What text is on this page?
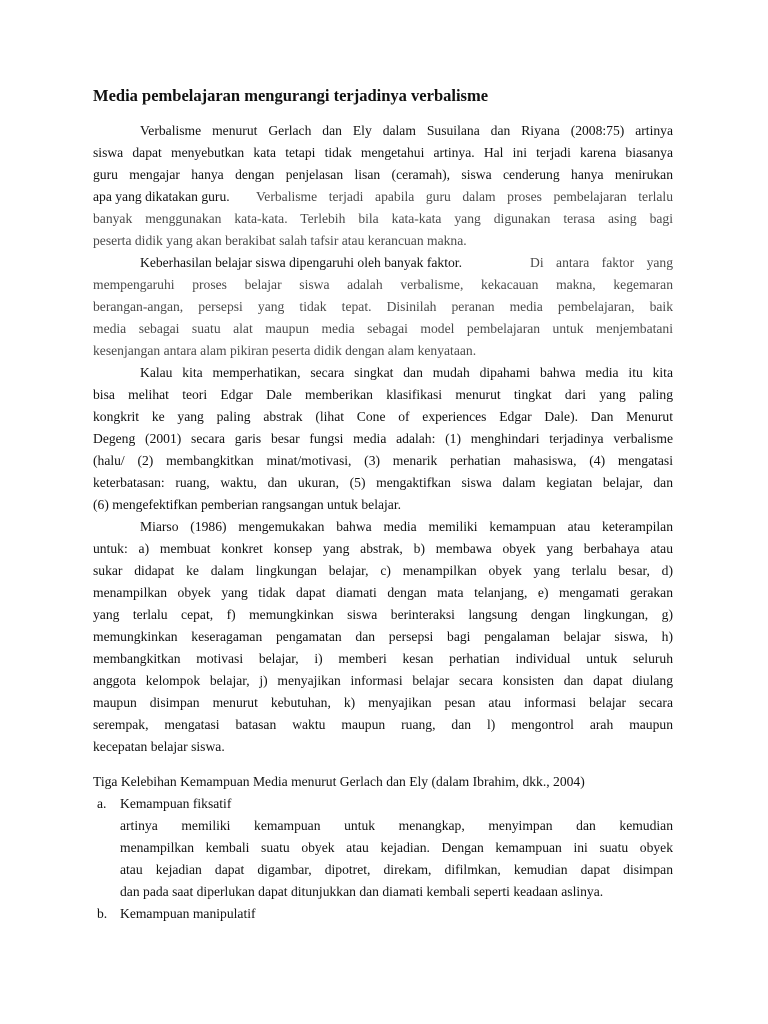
Media pembelajaran mengurangi terjadinya verbalisme
Verbalisme menurut Gerlach dan Ely dalam Susuilana dan Riyana (2008:75) artinya
siswa dapat menyebutkan kata tetapi tidak mengetahui artinya. Hal ini terjadi karena biasanya
guru mengajar hanya dengan penjelasan lisan (ceramah), siswa cenderung hanya menirukan
apa yang dikatakan guru. Verbalisme terjadi apabila guru dalam proses pembelajaran terlalu
banyak menggunakan kata-kata. Terlebih bila kata-kata yang digunakan terasa asing bagi
peserta didik yang akan berakibat salah tafsir atau kerancuan makna.
Keberhasilan belajar siswa dipengaruhi oleh banyak faktor.	Di antara faktor yang
mempengaruhi proses belajar siswa adalah verbalisme, kekacauan makna, kegemaran
berangan-angan, persepsi yang tidak tepat. Disinilah peranan media pembelajaran, baik
media sebagai suatu alat maupun media sebagai model pembelajaran untuk menjembatani
kesenjangan antara alam pikiran peserta didik dengan alam kenyataan.
Kalau kita memperhatikan, secara singkat dan mudah dipahami bahwa media itu kita
bisa melihat teori Edgar Dale memberikan klasifikasi menurut tingkat dari yang paling
kongkrit ke yang paling abstrak (lihat Cone of experiences Edgar Dale). Dan Menurut
Degeng (2001) secara garis besar fungsi media adalah: (1) menghindari terjadinya verbalisme
(halu/ (2) membangkitkan minat/motivasi, (3) menarik perhatian mahasiswa, (4) mengatasi
keterbatasan: ruang, waktu, dan ukuran, (5) mengaktifkan siswa dalam kegiatan belajar, dan
(6) mengefektifkan pemberian rangsangan untuk belajar.
Miarso (1986) mengemukakan bahwa media memiliki kemampuan atau keterampilan
untuk: a) membuat konkret konsep yang abstrak, b) membawa obyek yang berbahaya atau
sukar didapat ke dalam lingkungan belajar, c) menampilkan obyek yang terlalu besar, d)
menampilkan obyek yang tidak dapat diamati dengan mata telanjang, e) mengamati gerakan
yang terlalu cepat, f) memungkinkan siswa berinteraksi langsung dengan lingkungan, g)
memungkinkan keseragaman pengamatan dan persepsi bagi pengalaman belajar siswa, h)
membangkitkan motivasi belajar, i) memberi kesan perhatian individual untuk seluruh
anggota kelompok belajar, j) menyajikan informasi belajar secara konsisten dan dapat diulang
maupun disimpan menurut kebutuhan, k) menyajikan pesan atau informasi belajar secara
serempak, mengatasi batasan waktu maupun ruang, dan l) mengontrol arah maupun
kecepatan belajar siswa.
Tiga Kelebihan Kemampuan Media menurut Gerlach dan Ely (dalam Ibrahim, dkk., 2004)
a. Kemampuan fiksatif
artinya memiliki kemampuan untuk menangkap, menyimpan dan kemudian
menampilkan kembali suatu obyek atau kejadian. Dengan kemampuan ini suatu obyek
atau kejadian dapat digambar, dipotret, direkam, difilmkan, kemudian dapat disimpan
dan pada saat diperlukan dapat ditunjukkan dan diamati kembali seperti keadaan aslinya.
b. Kemampuan manipulatif
